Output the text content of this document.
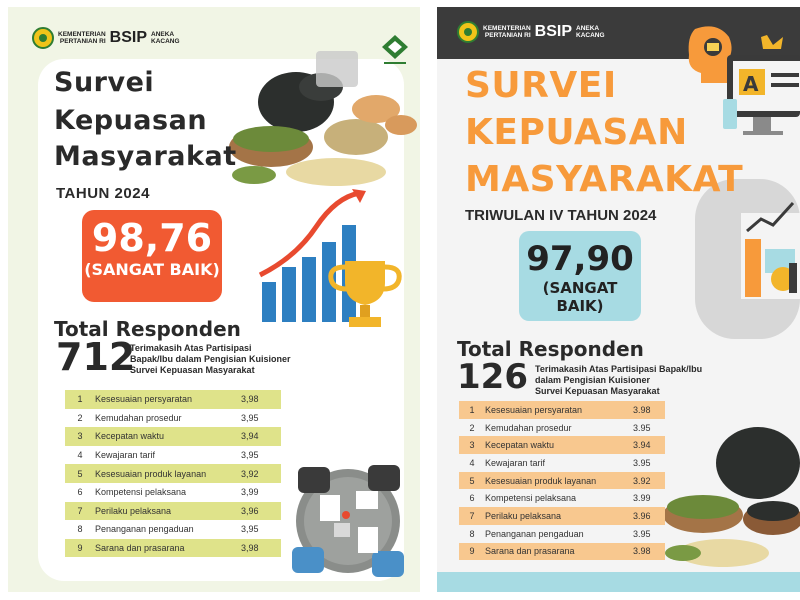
KEMENTERIAN
PERTANIAN RI BSIP ANEKA
KACANG
Survei
Kepuasan
Masyarakat
TAHUN 2024
98,76
(SANGAT BAIK)
Total Responden
712
Terimakasih Atas Partisipasi
Bapak/Ibu dalam Pengisian Kuisioner
Survei Kepuasan Masyarakat
1	Kesesuaian persyaratan	3,98
2	Kemudahan prosedur	3,95
3	Kecepatan waktu	3,94
4	Kewajaran tarif	3,95
5	Kesesuaian produk layanan	3,92
6	Kompetensi pelaksana	3,99
7	Perilaku pelaksana	3,96
8	Penanganan pengaduan	3,95
9	Sarana dan prasarana	3,98
KEMENTERIAN
PERTANIAN RI BSIP ANEKA
KACANG
A
SURVEI
KEPUASAN
MASYARAKAT
TRIWULAN IV TAHUN 2024
97,90
(SANGAT BAIK)
Total Responden
126 Terimakasih Atas Partisipasi Bapak/Ibu
dalam Pengisian Kuisioner
Survei Kepuasan Masyarakat
1	Kesesuaian persyaratan	3.98
2	Kemudahan prosedur	3.95
3	Kecepatan waktu	3.94
4	Kewajaran tarif	3.95
5	Kesesuaian produk layanan	3.92
6	Kompetensi pelaksana	3.99
7	Perilaku pelaksana	3.96
8	Penanganan pengaduan	3.95
9	Sarana dan prasarana	3.98
